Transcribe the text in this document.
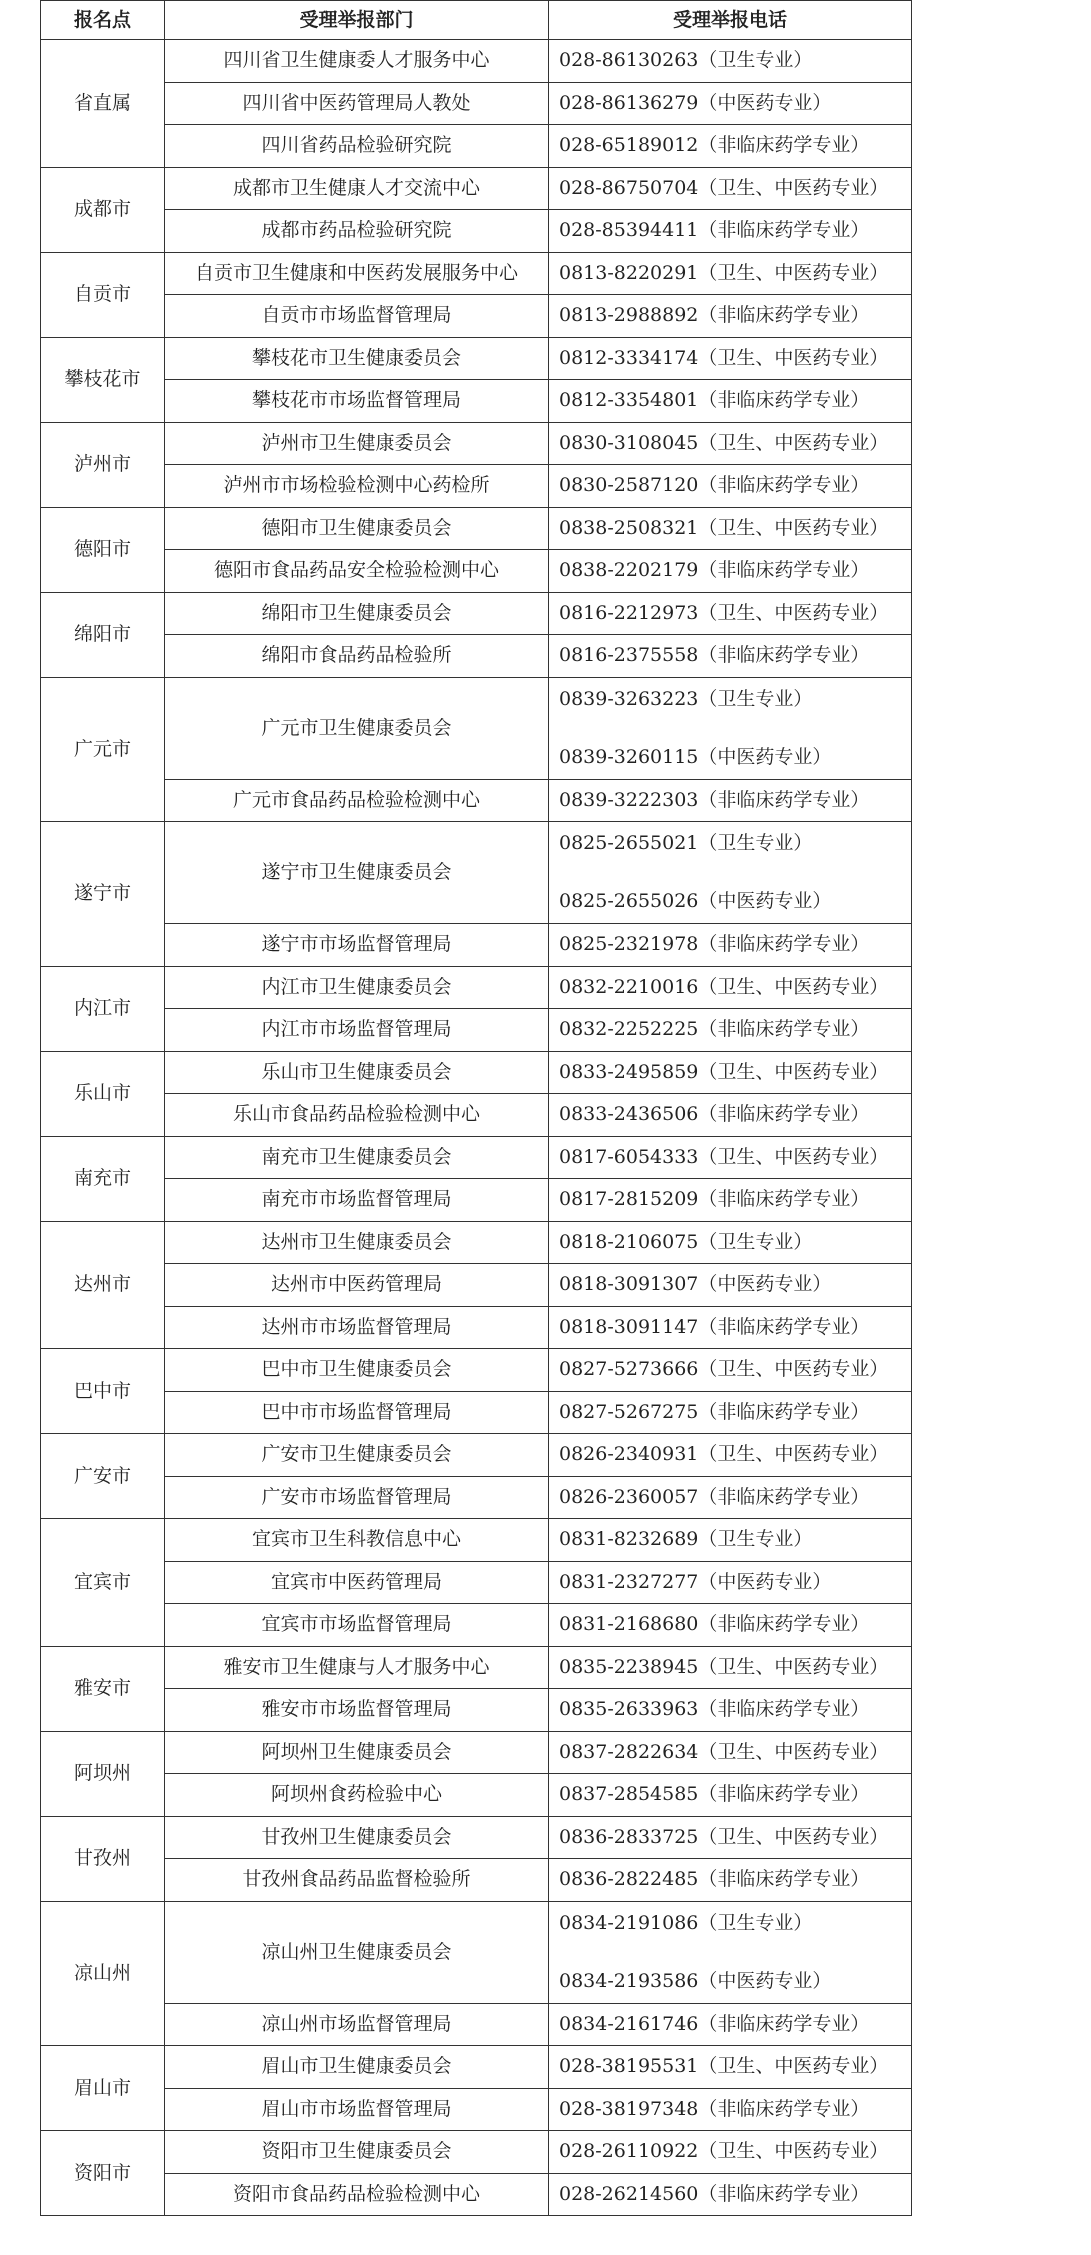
报名点	受理举报部门	受理举报电话
省直属	四川省卫生健康委人才服务中心	028-86130263（卫生专业）

	四川省中医药管理局人教处	028-86136279（中医药专业）

	四川省药品检验研究院	028-65189012（非临床药学专业）

成都市	成都市卫生健康人才交流中心	028-86750704（卫生、中医药专业）

	成都市药品检验研究院	028-85394411（非临床药学专业）

自贡市	自贡市卫生健康和中医药发展服务中心	0813-8220291（卫生、中医药专业）

	自贡市市场监督管理局	0813-2988892（非临床药学专业）

攀枝花市	攀枝花市卫生健康委员会	0812-3334174（卫生、中医药专业）

	攀枝花市市场监督管理局	0812-3354801（非临床药学专业）

泸州市	泸州市卫生健康委员会	0830-3108045（卫生、中医药专业）

	泸州市市场检验检测中心药检所	0830-2587120（非临床药学专业）

德阳市	德阳市卫生健康委员会	0838-2508321（卫生、中医药专业）

	德阳市食品药品安全检验检测中心	0838-2202179（非临床药学专业）

绵阳市	绵阳市卫生健康委员会	0816-2212973（卫生、中医药专业）

	绵阳市食品药品检验所	0816-2375558（非临床药学专业）

广元市	广元市卫生健康委员会	0839-3263223（卫生专业）
0839-3260115（中医药专业）

	广元市食品药品检验检测中心	0839-3222303（非临床药学专业）

遂宁市	遂宁市卫生健康委员会	0825-2655021（卫生专业）
0825-2655026（中医药专业）

	遂宁市市场监督管理局	0825-2321978（非临床药学专业）

内江市	内江市卫生健康委员会	0832-2210016（卫生、中医药专业）

	内江市市场监督管理局	0832-2252225（非临床药学专业）

乐山市	乐山市卫生健康委员会	0833-2495859（卫生、中医药专业）

	乐山市食品药品检验检测中心	0833-2436506（非临床药学专业）

南充市	南充市卫生健康委员会	0817-6054333（卫生、中医药专业）

	南充市市场监督管理局	0817-2815209（非临床药学专业）

达州市	达州市卫生健康委员会	0818-2106075（卫生专业）

	达州市中医药管理局	0818-3091307（中医药专业）

	达州市市场监督管理局	0818-3091147（非临床药学专业）

巴中市	巴中市卫生健康委员会	0827-5273666（卫生、中医药专业）

	巴中市市场监督管理局	0827-5267275（非临床药学专业）

广安市	广安市卫生健康委员会	0826-2340931（卫生、中医药专业）

	广安市市场监督管理局	0826-2360057（非临床药学专业）

宜宾市	宜宾市卫生科教信息中心	0831-8232689（卫生专业）

	宜宾市中医药管理局	0831-2327277（中医药专业）

	宜宾市市场监督管理局	0831-2168680（非临床药学专业）

雅安市	雅安市卫生健康与人才服务中心	0835-2238945（卫生、中医药专业）

	雅安市市场监督管理局	0835-2633963（非临床药学专业）

阿坝州	阿坝州卫生健康委员会	0837-2822634（卫生、中医药专业）

	阿坝州食药检验中心	0837-2854585（非临床药学专业）

甘孜州	甘孜州卫生健康委员会	0836-2833725（卫生、中医药专业）

	甘孜州食品药品监督检验所	0836-2822485（非临床药学专业）

凉山州	凉山州卫生健康委员会	0834-2191086（卫生专业）
0834-2193586（中医药专业）

	凉山州市场监督管理局	0834-2161746（非临床药学专业）

眉山市	眉山市卫生健康委员会	028-38195531（卫生、中医药专业）

	眉山市市场监督管理局	028-38197348（非临床药学专业）

资阳市	资阳市卫生健康委员会	028-26110922（卫生、中医药专业）

	资阳市食品药品检验检测中心	028-26214560（非临床药学专业）
